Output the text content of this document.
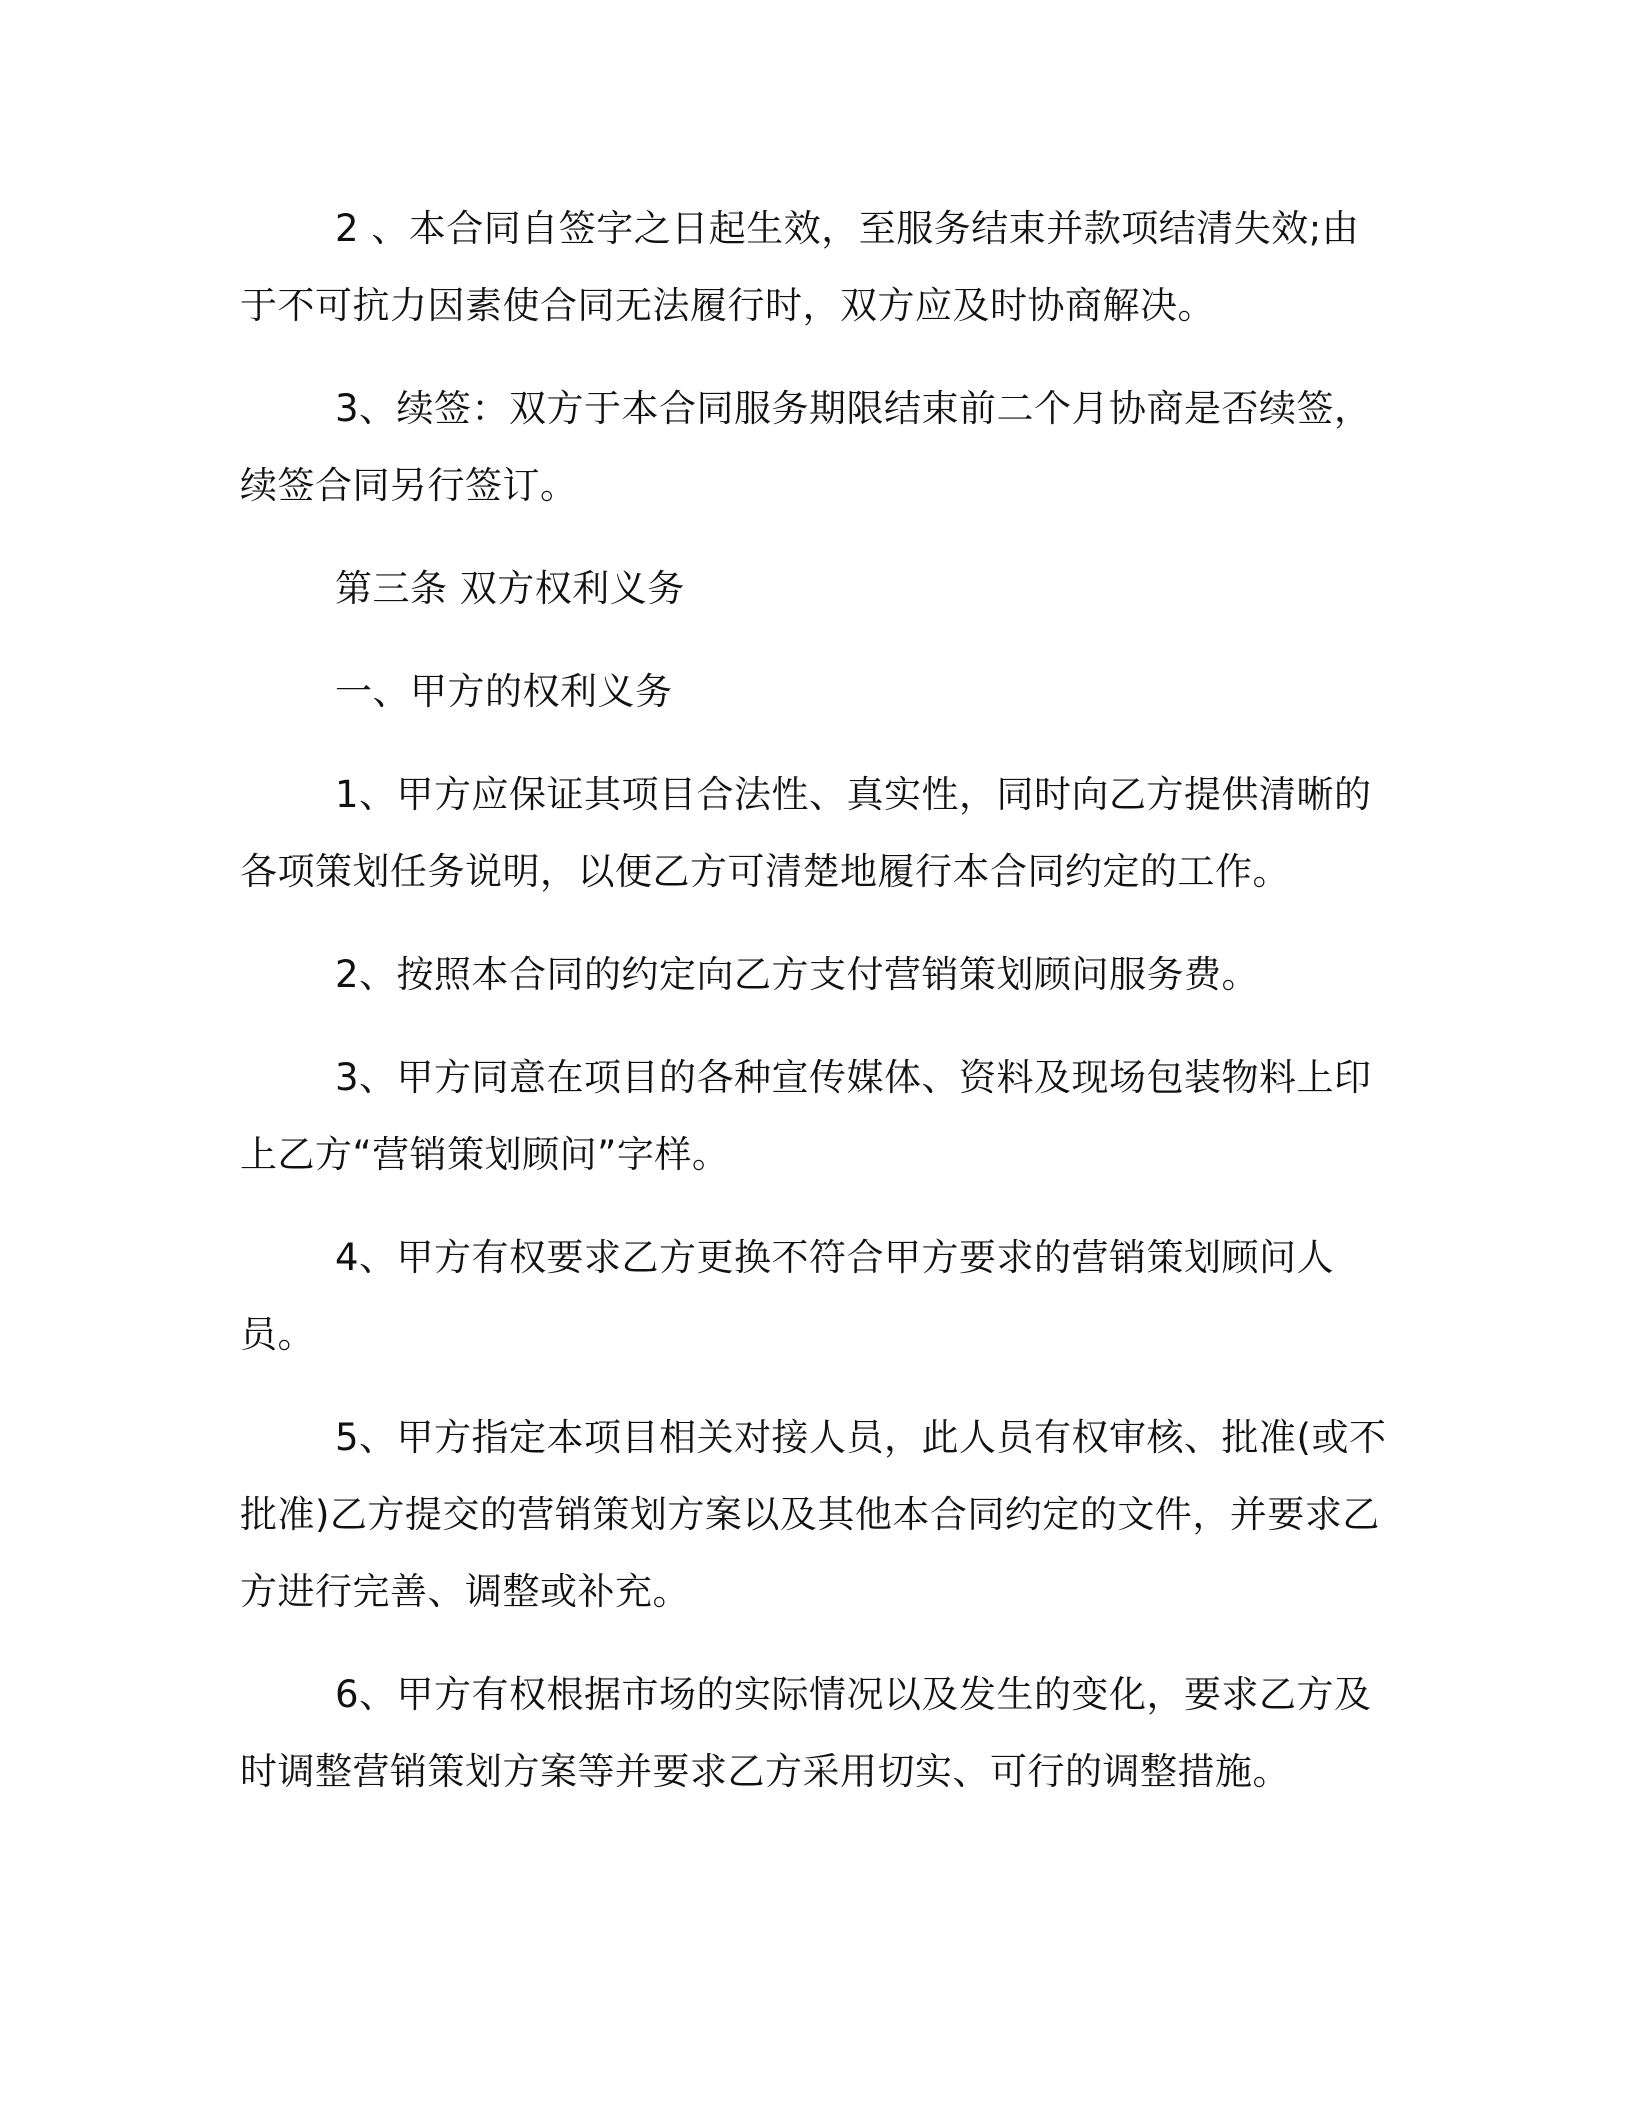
2 、本合同自签字之日起生效，至服务结束并款项结清失效;由于不可抗力因素使合同无法履行时，双方应及时协商解决。

3、续签：双方于本合同服务期限结束前二个月协商是否续签，续签合同另行签订。

第三条 双方权利义务

一、甲方的权利义务

1、甲方应保证其项目合法性、真实性，同时向乙方提供清晰的各项策划任务说明，以便乙方可清楚地履行本合同约定的工作。

2、按照本合同的约定向乙方支付营销策划顾问服务费。

3、甲方同意在项目的各种宣传媒体、资料及现场包装物料上印上乙方“营销策划顾问”字样。

4、甲方有权要求乙方更换不符合甲方要求的营销策划顾问人员。

5、甲方指定本项目相关对接人员，此人员有权审核、批准(或不批准)乙方提交的营销策划方案以及其他本合同约定的文件，并要求乙方进行完善、调整或补充。

6、甲方有权根据市场的实际情况以及发生的变化，要求乙方及时调整营销策划方案等并要求乙方采用切实、可行的调整措施。
